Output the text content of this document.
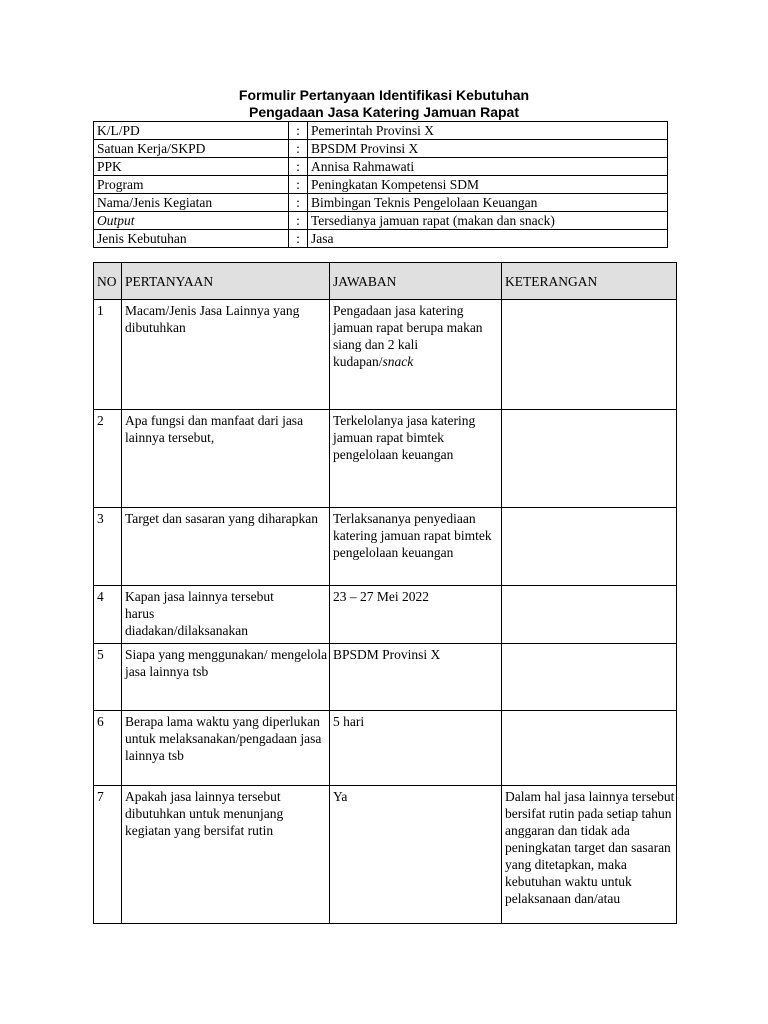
Formulir Pertanyaan Identifikasi Kebutuhan
Pengadaan Jasa Katering Jamuan Rapat
K/L/PD	:	Pemerintah Provinsi X
Satuan Kerja/SKPD	:	BPSDM Provinsi X
PPK	:	Annisa Rahmawati
Program	:	Peningkatan Kompetensi SDM
Nama/Jenis Kegiatan	:	Bimbingan Teknis Pengelolaan Keuangan
Output	:	Tersedianya jamuan rapat (makan dan snack)
Jenis Kebutuhan	:	Jasa
NO	PERTANYAAN	JAWABAN	KETERANGAN
1	Macam/Jenis Jasa Lainnya yang dibutuhkan	Pengadaan jasa katering jamuan rapat berupa makan siang dan 2 kali kudapan/snack	
2	Apa fungsi dan manfaat dari jasa lainnya tersebut,	Terkelolanya jasa katering jamuan rapat bimtek pengelolaan keuangan	
3	Target dan sasaran yang diharapkan	Terlaksananya penyediaan katering jamuan rapat bimtek pengelolaan keuangan	
4	Kapan jasa lainnya tersebut
harus
diadakan/dilaksanakan	23 – 27 Mei 2022	
5	Siapa yang menggunakan/ mengelola jasa lainnya tsb	BPSDM Provinsi X	
6	Berapa lama waktu yang diperlukan untuk melaksanakan/pengadaan jasa lainnya tsb	5 hari	
7	Apakah jasa lainnya tersebut dibutuhkan untuk menunjang kegiatan yang bersifat rutin	Ya	Dalam hal jasa lainnya tersebut bersifat rutin pada setiap tahun anggaran dan tidak ada peningkatan target dan sasaran yang ditetapkan, maka kebutuhan waktu untuk pelaksanaan dan/atau
